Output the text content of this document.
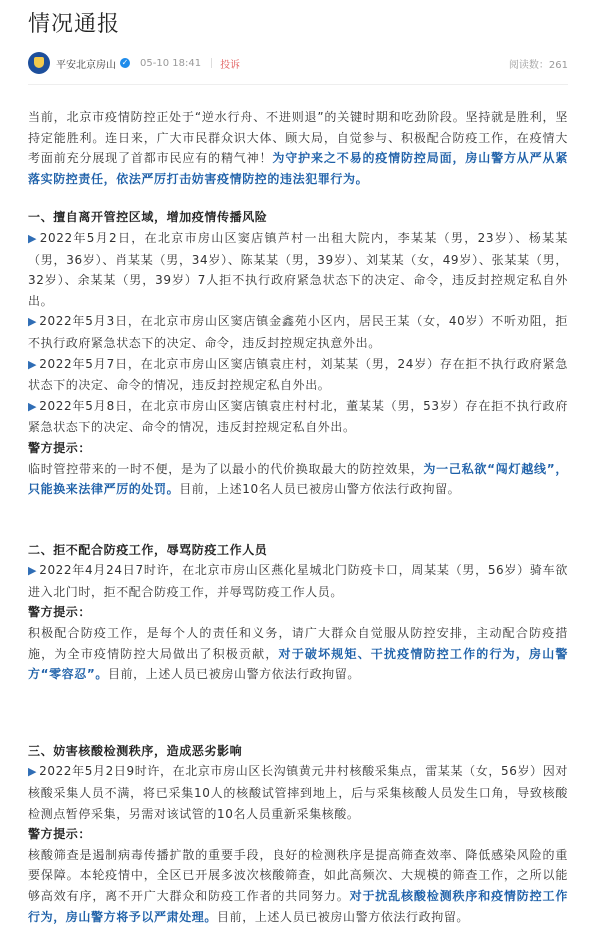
情况通报
平安北京房山 ✓ 05-10 18:41 投诉	阅读数：261

当前，北京市疫情防控正处于“逆水行舟、不进则退”的关键时期和吃劲阶段。坚持就是胜利，坚持定能胜利。连日来，广大市民群众识大体、顾大局，自觉参与、积极配合防疫工作，在疫情大考面前充分展现了首都市民应有的精气神！为守护来之不易的疫情防控局面，房山警方从严从紧落实防控责任，依法严厉打击妨害疫情防控的违法犯罪行为。

一、擅自离开管控区域，增加疫情传播风险

▶ 2022年5月2日，在北京市房山区窦店镇芦村一出租大院内，李某某（男，23岁）、杨某某（男，36岁）、肖某某（男，34岁）、陈某某（男，39岁）、刘某某（女，49岁）、张某某（男，32岁）、余某某（男，39岁）7人拒不执行政府紧急状态下的决定、命令，违反封控规定私自外出。

▶ 2022年5月3日，在北京市房山区窦店镇金鑫苑小区内，居民王某（女，40岁）不听劝阻，拒不执行政府紧急状态下的决定、命令，违反封控规定执意外出。

▶ 2022年5月7日，在北京市房山区窦店镇袁庄村，刘某某（男，24岁）存在拒不执行政府紧急状态下的决定、命令的情况，违反封控规定私自外出。

▶ 2022年5月8日，在北京市房山区窦店镇袁庄村村北，董某某（男，53岁）存在拒不执行政府紧急状态下的决定、命令的情况，违反封控规定私自外出。

警方提示：

临时管控带来的一时不便，是为了以最小的代价换取最大的防控效果，为一己私欲“闯灯越线”，只能换来法律严厉的处罚。目前，上述10名人员已被房山警方依法行政拘留。

二、拒不配合防疫工作，辱骂防疫工作人员

▶ 2022年4月24日7时许，在北京市房山区燕化星城北门防疫卡口，周某某（男，56岁）骑车欲进入北门时，拒不配合防疫工作，并辱骂防疫工作人员。

警方提示：

积极配合防疫工作，是每个人的责任和义务，请广大群众自觉服从防控安排，主动配合防疫措施，为全市疫情防控大局做出了积极贡献，对于破坏规矩、干扰疫情防控工作的行为，房山警方“零容忍”。目前，上述人员已被房山警方依法行政拘留。

三、妨害核酸检测秩序，造成恶劣影响

▶ 2022年5月2日9时许，在北京市房山区长沟镇黄元井村核酸采集点，雷某某（女，56岁）因对核酸采集人员不满，将已采集10人的核酸试管摔到地上，后与采集核酸人员发生口角，导致核酸检测点暂停采集，另需对该试管的10名人员重新采集核酸。

警方提示：

核酸筛查是遏制病毒传播扩散的重要手段，良好的检测秩序是提高筛查效率、降低感染风险的重要保障。本轮疫情中，全区已开展多波次核酸筛查，如此高频次、大规模的筛查工作，之所以能够高效有序，离不开广大群众和防疫工作者的共同努力。对于扰乱核酸检测秩序和疫情防控工作行为，房山警方将予以严肃处理。目前，上述人员已被房山警方依法行政拘留。
